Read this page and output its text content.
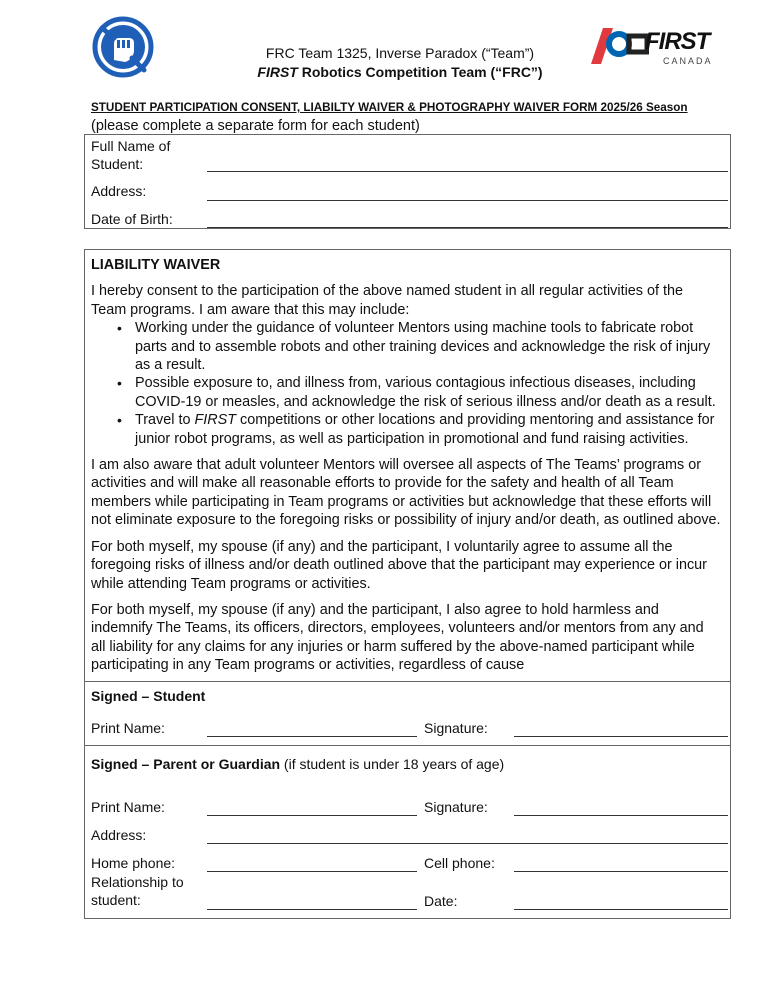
FRC Team 1325, Inverse Paradox (“Team”)
FIRST Robotics Competition Team (“FRC”)
FIRST
CANADA
STUDENT PARTICIPATION CONSENT, LIABILTY WAIVER & PHOTOGRAPHY WAIVER FORM 2025/26 Season
(please complete a separate form for each student)
Full Name of
Student:
Address:
Date of Birth:

LIABILITY WAIVER

I hereby consent to the participation of the above named student in all regular activities of the Team programs. I am aware that this may include:

• Working under the guidance of volunteer Mentors using machine tools to fabricate robot parts and to assemble robots and other training devices and acknowledge the risk of injury as a result.
• Possible exposure to, and illness from, various contagious infectious diseases, including COVID-19 or measles, and acknowledge the risk of serious illness and/or death as a result.
• Travel to FIRST competitions or other locations and providing mentoring and assistance for junior robot programs, as well as participation in promotional and fund raising activities.

I am also aware that adult volunteer Mentors will oversee all aspects of The Teams’ programs or activities and will make all reasonable efforts to provide for the safety and health of all Team members while participating in Team programs or activities but acknowledge that these efforts will not eliminate exposure to the foregoing risks or possibility of injury and/or death, as outlined above.

For both myself, my spouse (if any) and the participant, I voluntarily agree to assume all the foregoing risks of illness and/or death outlined above that the participant may experience or incur while attending Team programs or activities.

For both myself, my spouse (if any) and the participant, I also agree to hold harmless and indemnify The Teams, its officers, directors, employees, volunteers and/or mentors from any and all liability for any claims for any injuries or harm suffered by the above-named participant while participating in any Team programs or activities, regardless of cause

Signed – Student
Print Name:	Signature:
Signed – Parent or Guardian (if student is under 18 years of age)
Print Name:	Signature:
Address:
Home phone:	Cell phone:
Relationship to
student:	Date:
